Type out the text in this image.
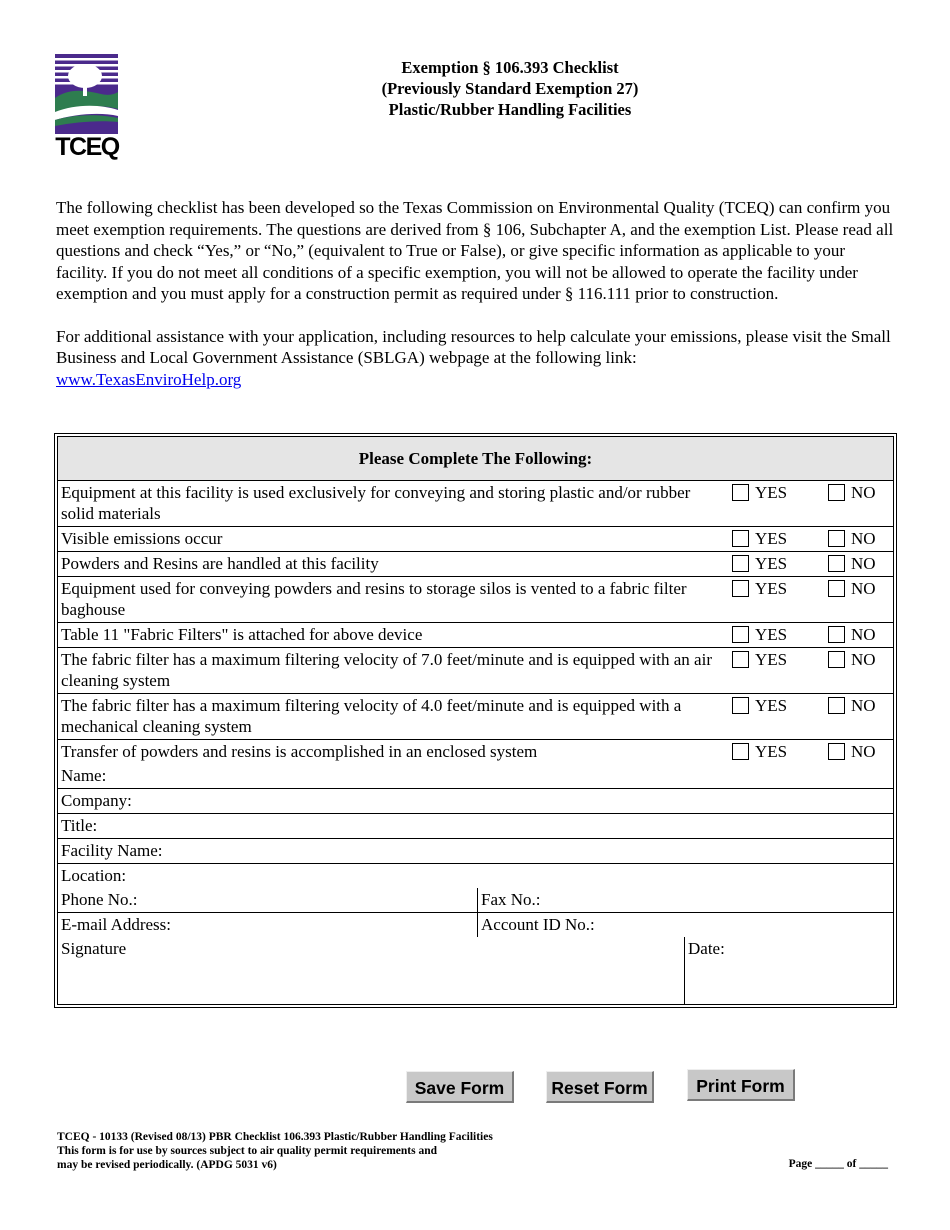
TCEQ
Exemption § 106.393 Checklist
(Previously Standard Exemption 27)
Plastic/Rubber Handling Facilities

The following checklist has been developed so the Texas Commission on Environmental Quality (TCEQ) can confirm you meet exemption requirements. The questions are derived from § 106, Subchapter A, and the exemption List. Please read all questions and check “Yes,” or “No,” (equivalent to True or False), or give specific information as applicable to your facility. If you do not meet all conditions of a specific exemption, you will not be allowed to operate the facility under exemption and you must apply for a construction permit as required under § 116.111 prior to construction.

For additional assistance with your application, including resources to help calculate your emissions, please visit the Small Business and Local Government Assistance (SBLGA) webpage at the following link:
www.TexasEnviroHelp.org

Please Complete The Following:		
Equipment at this facility is used exclusively for conveying and storing plastic and/or rubber solid materials	YES	NO
Visible emissions occur	YES	NO
Powders and Resins are handled at this facility	YES	NO
Equipment used for conveying powders and resins to storage silos is vented to a fabric filter baghouse	YES	NO
Table 11 "Fabric Filters" is attached for above device	YES	NO
The fabric filter has a maximum filtering velocity of 7.0 feet/minute and is equipped with an air cleaning system	YES	NO
The fabric filter has a maximum filtering velocity of 4.0 feet/minute and is equipped with a mechanical cleaning system	YES	NO
Transfer of powders and resins is accomplished in an enclosed system	YES	NO
Name:
Company:
Title:
Facility Name:
Location:
Phone No.:	Fax No.:
E-mail Address:	Account ID No.:
Signature	Date:
Save Form	Reset Form	Print Form
TCEQ - 10133 (Revised 08/13) PBR Checklist 106.393 Plastic/Rubber Handling Facilities
This form is for use by sources subject to air quality permit requirements and
may be revised periodically. (APDG 5031 v6)	Page _____ of _____
